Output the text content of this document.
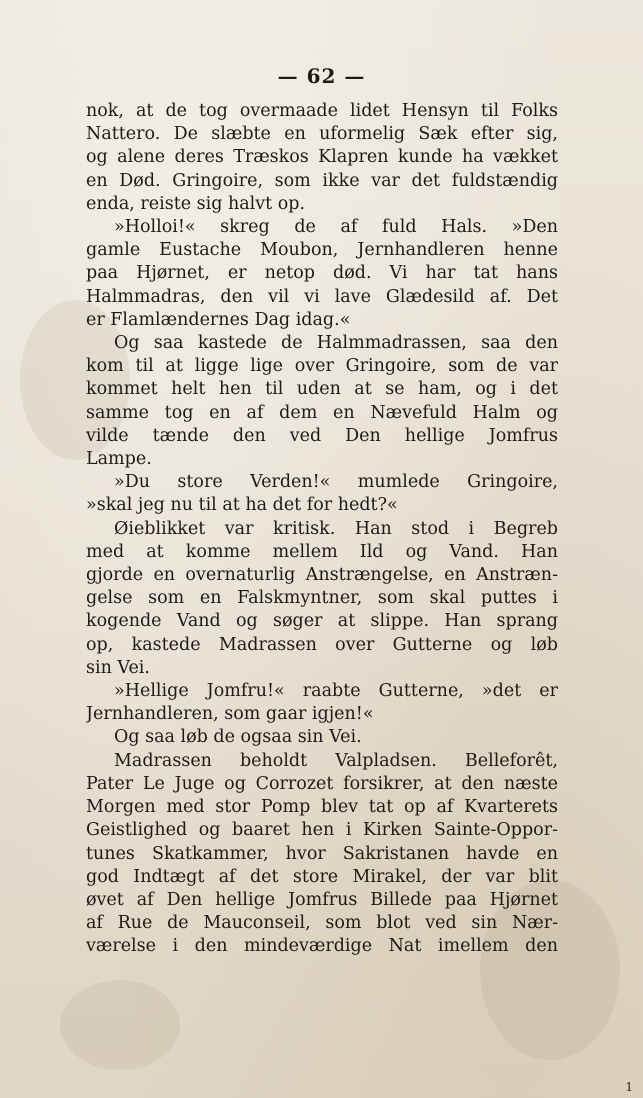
— 62 —
nok, at de tog overmaade lidet Hensyn til Folks
Nattero. De slæbte en uformelig Sæk efter sig,
og alene deres Træskos Klapren kunde ha vækket
en Død. Gringoire, som ikke var det fuldstændig
enda, reiste sig halvt op.
»Holloi!« skreg de af fuld Hals. »Den
gamle Eustache Moubon, Jernhandleren henne
paa Hjørnet, er netop død. Vi har tat hans
Halmmadras, den vil vi lave Glædesild af. Det
er Flamlændernes Dag idag.«
Og saa kastede de Halmmadrassen, saa den
kom til at ligge lige over Gringoire, som de var
kommet helt hen til uden at se ham, og i det
samme tog en af dem en Nævefuld Halm og
vilde tænde den ved Den hellige Jomfrus
Lampe.
»Du store Verden!« mumlede Gringoire,
»skal jeg nu til at ha det for hedt?«
Øieblikket var kritisk. Han stod i Begreb
med at komme mellem Ild og Vand. Han
gjorde en overnaturlig Anstrængelse, en Anstræn-
gelse som en Falskmyntner, som skal puttes i
kogende Vand og søger at slippe. Han sprang
op, kastede Madrassen over Gutterne og løb
sin Vei.
»Hellige Jomfru!« raabte Gutterne, »det er
Jernhandleren, som gaar igjen!«
Og saa løb de ogsaa sin Vei.
Madrassen beholdt Valpladsen. Belleforêt,
Pater Le Juge og Corrozet forsikrer, at den næste
Morgen med stor Pomp blev tat op af Kvarterets
Geistlighed og baaret hen i Kirken Sainte-Oppor-
tunes Skatkammer, hvor Sakristanen havde en
god Indtægt af det store Mirakel, der var blit
øvet af Den hellige Jomfrus Billede paa Hjørnet
af Rue de Mauconseil, som blot ved sin Nær-
værelse i den mindeværdige Nat imellem den
1
